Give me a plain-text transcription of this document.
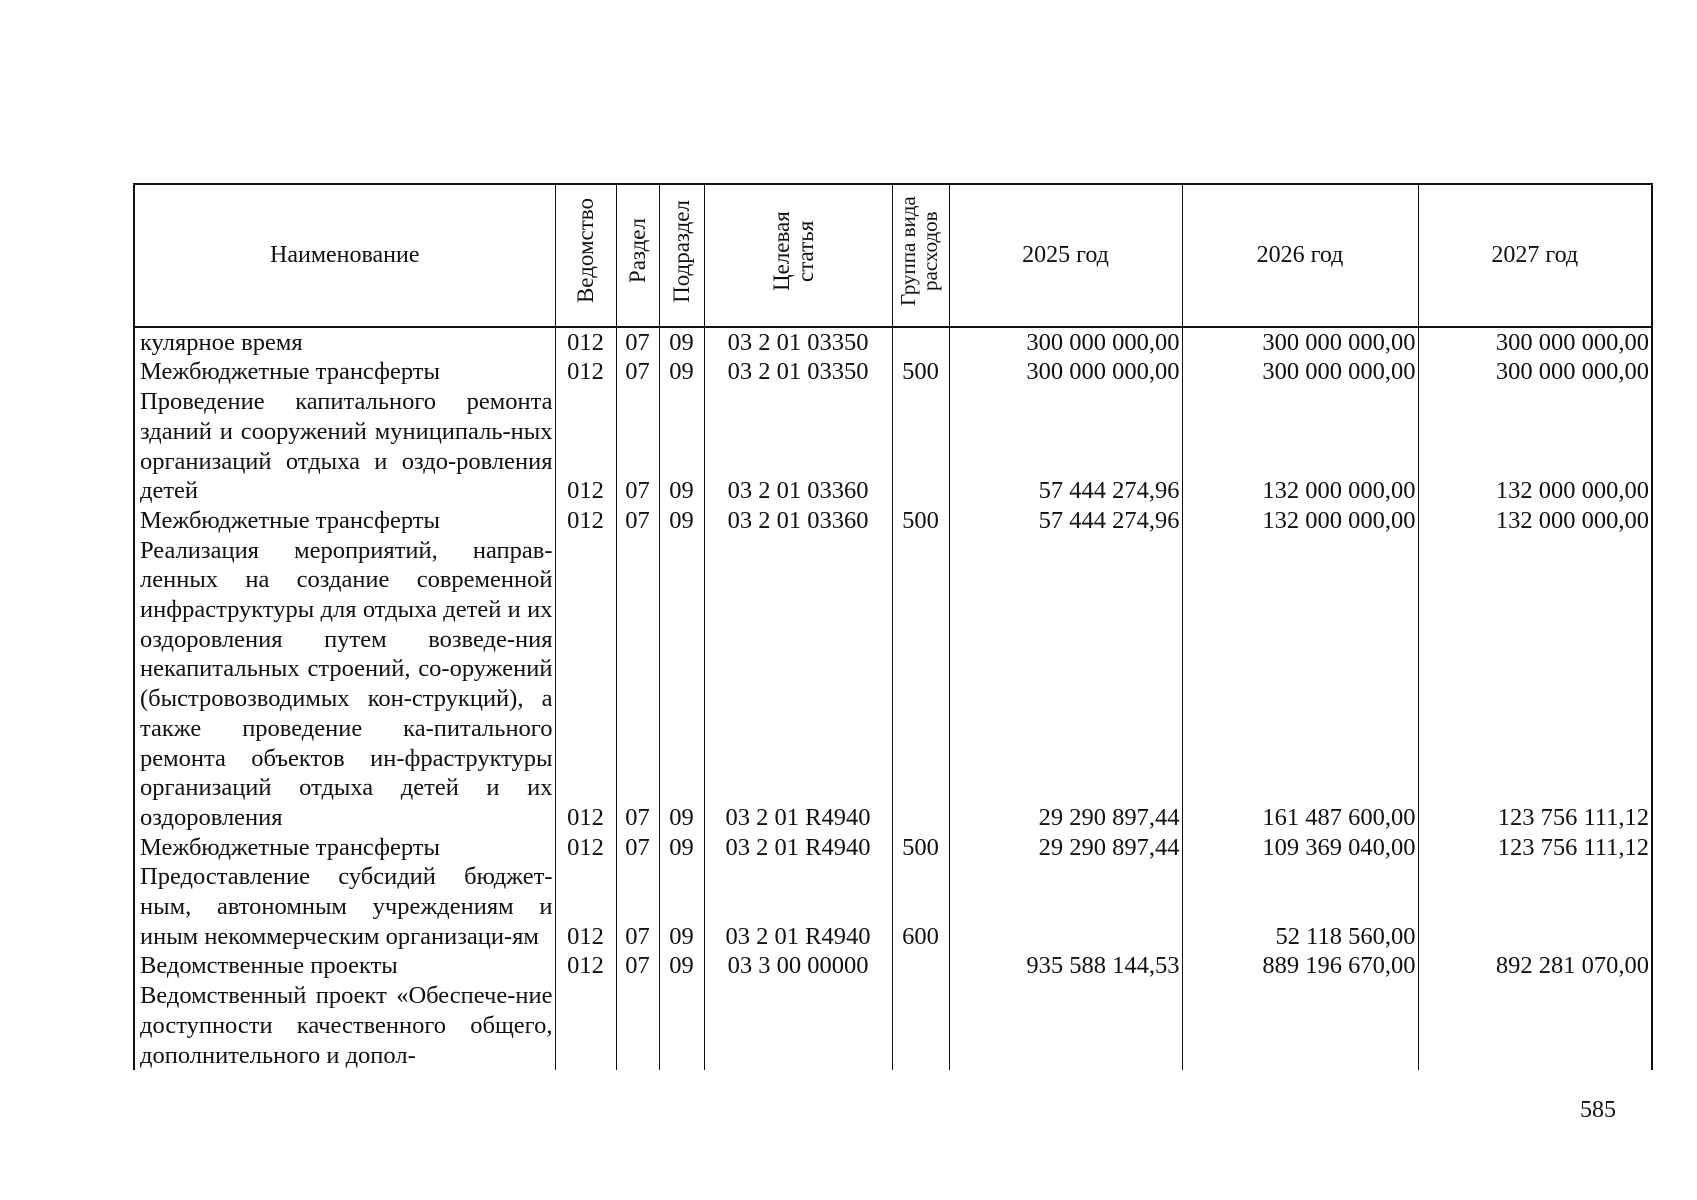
Наименование	Ведомство	Раздел	Подраздел	Целевая статья	Группа вида расходов	2025 год	2026 год	2027 год
кулярное время	012	07	09	03 2 01 03350		300 000 000,00	300 000 000,00	300 000 000,00
Межбюджетные трансферты	012	07	09	03 2 01 03350	500	300 000 000,00	300 000 000,00	300 000 000,00
Проведение капитального ремонта зданий и сооружений муниципаль-ных организаций отдыха и оздо-ровления детей	012	07	09	03 2 01 03360		57 444 274,96	132 000 000,00	132 000 000,00
Межбюджетные трансферты	012	07	09	03 2 01 03360	500	57 444 274,96	132 000 000,00	132 000 000,00
Реализация мероприятий, направ-ленных на создание современной инфраструктуры для отдыха детей и их оздоровления путем возведе-ния некапитальных строений, со-оружений (быстровозводимых кон-струкций), а также проведение ка-питального ремонта объектов ин-фраструктуры организаций отдыха детей и их оздоровления	012	07	09	03 2 01 R4940		29 290 897,44	161 487 600,00	123 756 111,12
Межбюджетные трансферты	012	07	09	03 2 01 R4940	500	29 290 897,44	109 369 040,00	123 756 111,12
Предоставление субсидий бюджет-ным, автономным учреждениям и иным некоммерческим организаци-ям	012	07	09	03 2 01 R4940	600		52 118 560,00	
Ведомственные проекты	012	07	09	03 3 00 00000		935 588 144,53	889 196 670,00	892 281 070,00
Ведомственный проект «Обеспече-ние доступности качественного общего, дополнительного и допол-								
585
